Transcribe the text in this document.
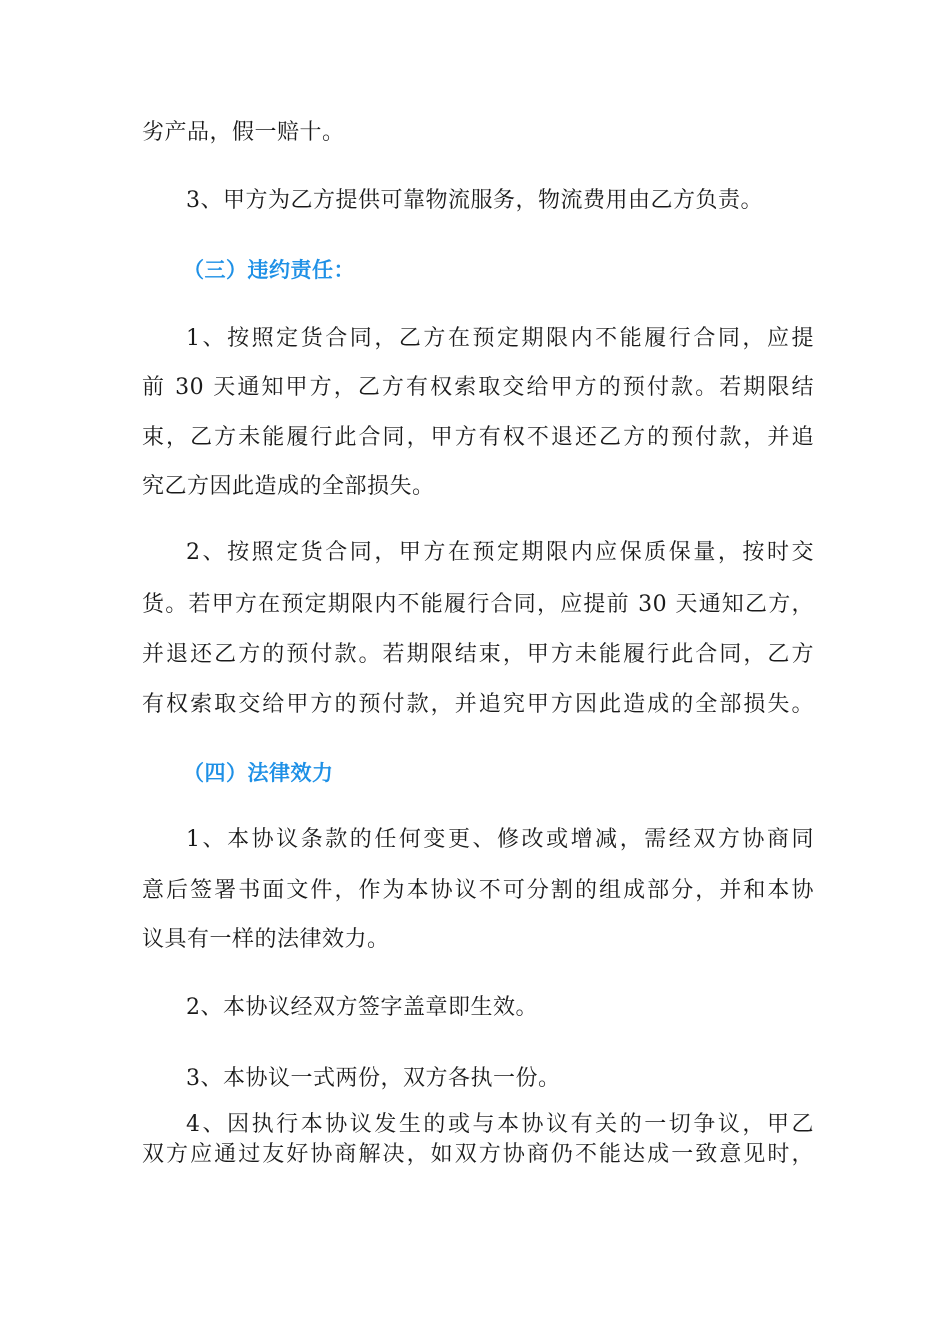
劣产品，假一赔十。
3、甲方为乙方提供可靠物流服务，物流费用由乙方负责。
（三）违约责任：
1、按照定货合同，乙方在预定期限内不能履行合同，应提
前 30 天通知甲方，乙方有权索取交给甲方的预付款。若期限结
束，乙方未能履行此合同，甲方有权不退还乙方的预付款，并追
究乙方因此造成的全部损失。
2、按照定货合同，甲方在预定期限内应保质保量，按时交
货。若甲方在预定期限内不能履行合同，应提前 30 天通知乙方，
并退还乙方的预付款。若期限结束，甲方未能履行此合同，乙方
有权索取交给甲方的预付款，并追究甲方因此造成的全部损失。
（四）法律效力
1、本协议条款的任何变更、修改或增减，需经双方协商同
意后签署书面文件，作为本协议不可分割的组成部分，并和本协
议具有一样的法律效力。
2、本协议经双方签字盖章即生效。
3、本协议一式两份，双方各执一份。
4、因执行本协议发生的或与本协议有关的一切争议，甲乙
双方应通过友好协商解决，如双方协商仍不能达成一致意见时，
